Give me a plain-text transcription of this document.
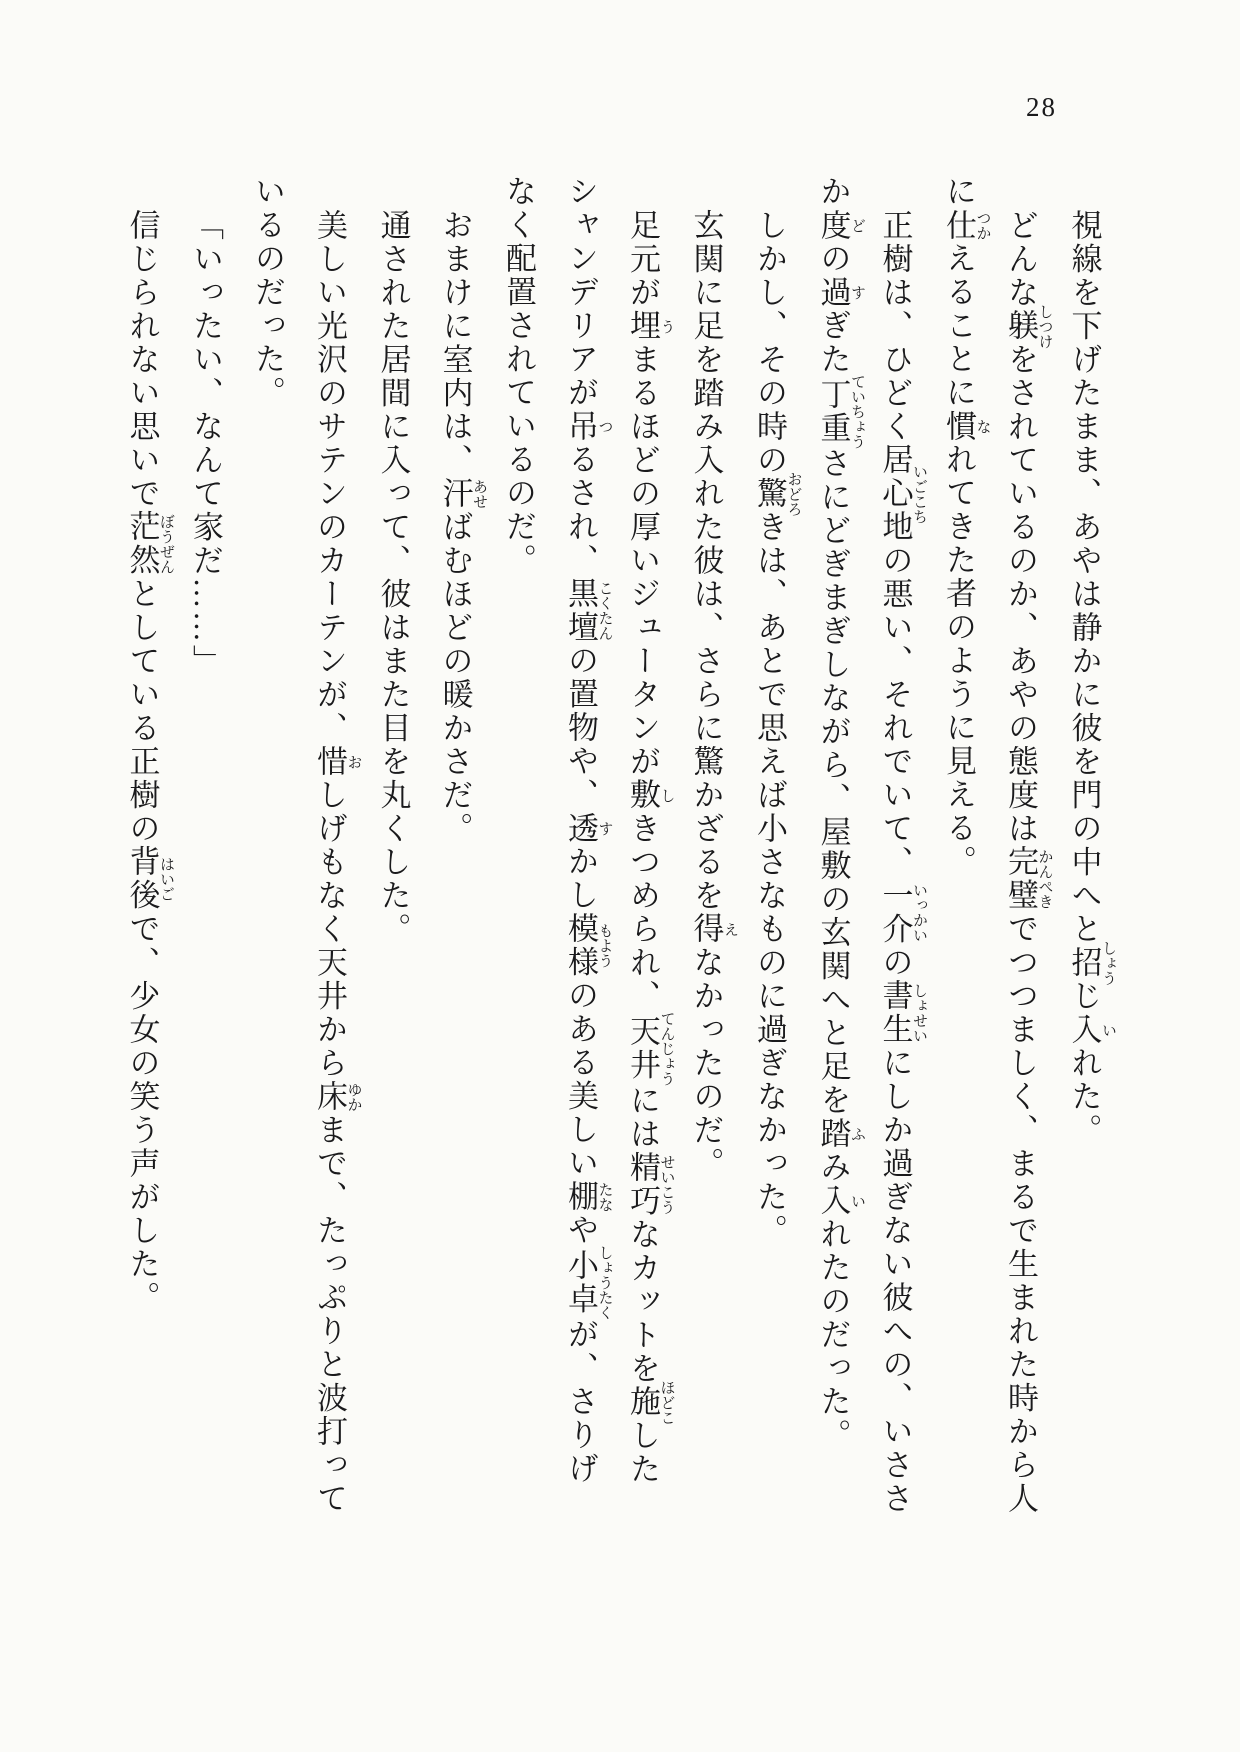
28

視線を下げたまま、あやは静かに彼を門の中へと招しょうじ入いれた。

どんな躾しつけをされているのか、あやの態度は完璧かんぺきでつつましく、まるで生まれた時から人に仕つかえることに慣なれてきた者のように見える。

正樹は、ひどく居心地いごこちの悪い、それでいて、一介いっかいの書生しょせいにしか過ぎない彼への、いささか度どの過すぎた丁重ていちょうさにどぎまぎしながら、屋敷の玄関へと足を踏ふみ入いれたのだった。

しかし、その時の驚おどろきは、あとで思えば小さなものに過ぎなかった。

玄関に足を踏み入れた彼は、さらに驚かざるを得えなかったのだ。

足元が埋うまるほどの厚いジュータンが敷しきつめられ、天井てんじょうには精巧せいこうなカットを施ほどこしたシャンデリアが吊つるされ、黒壇こくたんの置物や、透すかし模様もようのある美しい棚たなや小卓しょうたくが、さりげなく配置されているのだ。

おまけに室内は、汗あせばむほどの暖かさだ。

通された居間に入って、彼はまた目を丸くした。

美しい光沢のサテンのカーテンが、惜おしげもなく天井から床ゆかまで、たっぷりと波打っているのだった。

「いったい、なんて家だ……」

信じられない思いで茫然ぼうぜんとしている正樹の背後はいごで、少女の笑う声がした。
